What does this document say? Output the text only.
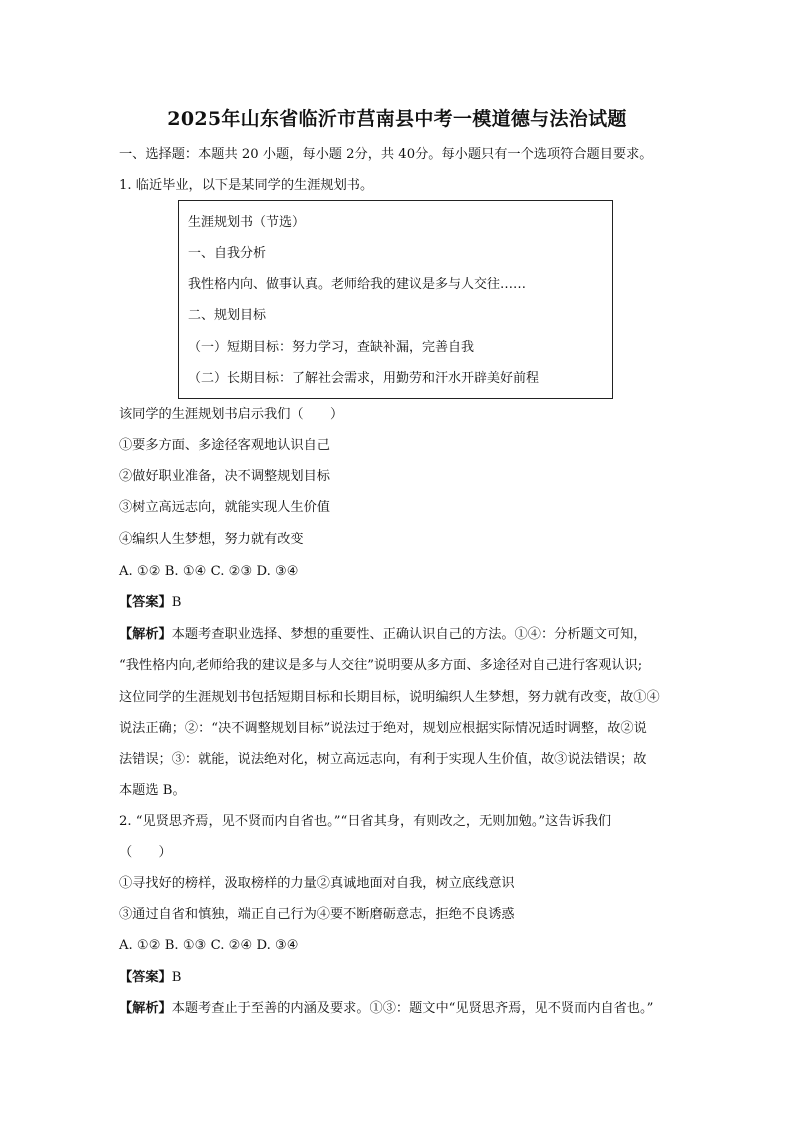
2025年山东省临沂市莒南县中考一模道德与法治试题
一、选择题：本题共 20 小题，每小题 2分，共 40分。每小题只有一个选项符合题目要求。
1. 临近毕业，以下是某同学的生涯规划书。
生涯规划书（节选）
一、自我分析
我性格内向、做事认真。老师给我的建议是多与人交往……
二、规划目标
（一）短期目标：努力学习，查缺补漏，完善自我
（二）长期目标：了解社会需求，用勤劳和汗水开辟美好前程
该同学的生涯规划书启示我们（　　）
①要多方面、多途径客观地认识自己
②做好职业准备，决不调整规划目标
③树立高远志向，就能实现人生价值
④编织人生梦想，努力就有改变
A. ①② B. ①④ C. ②③ D. ③④
【答案】B
【解析】本题考查职业选择、梦想的重要性、正确认识自己的方法。①④：分析题文可知，
“我性格内向,老师给我的建议是多与人交往”说明要从多方面、多途径对自己进行客观认识;
这位同学的生涯规划书包括短期目标和长期目标，说明编织人生梦想，努力就有改变，故①④
说法正确；②：“决不调整规划目标”说法过于绝对，规划应根据实际情况适时调整，故②说
法错误；③：就能，说法绝对化，树立高远志向，有利于实现人生价值，故③说法错误；故
本题选 B。
2. “见贤思齐焉，见不贤而内自省也。”“日省其身，有则改之，无则加勉。”这告诉我们
（　　）
①寻找好的榜样，汲取榜样的力量②真诚地面对自我，树立底线意识
③通过自省和慎独，端正自己行为④要不断磨砺意志，拒绝不良诱惑
A. ①② B. ①③ C. ②④ D. ③④
【答案】B
【解析】本题考查止于至善的内涵及要求。①③：题文中“见贤思齐焉，见不贤而内自省也。”
